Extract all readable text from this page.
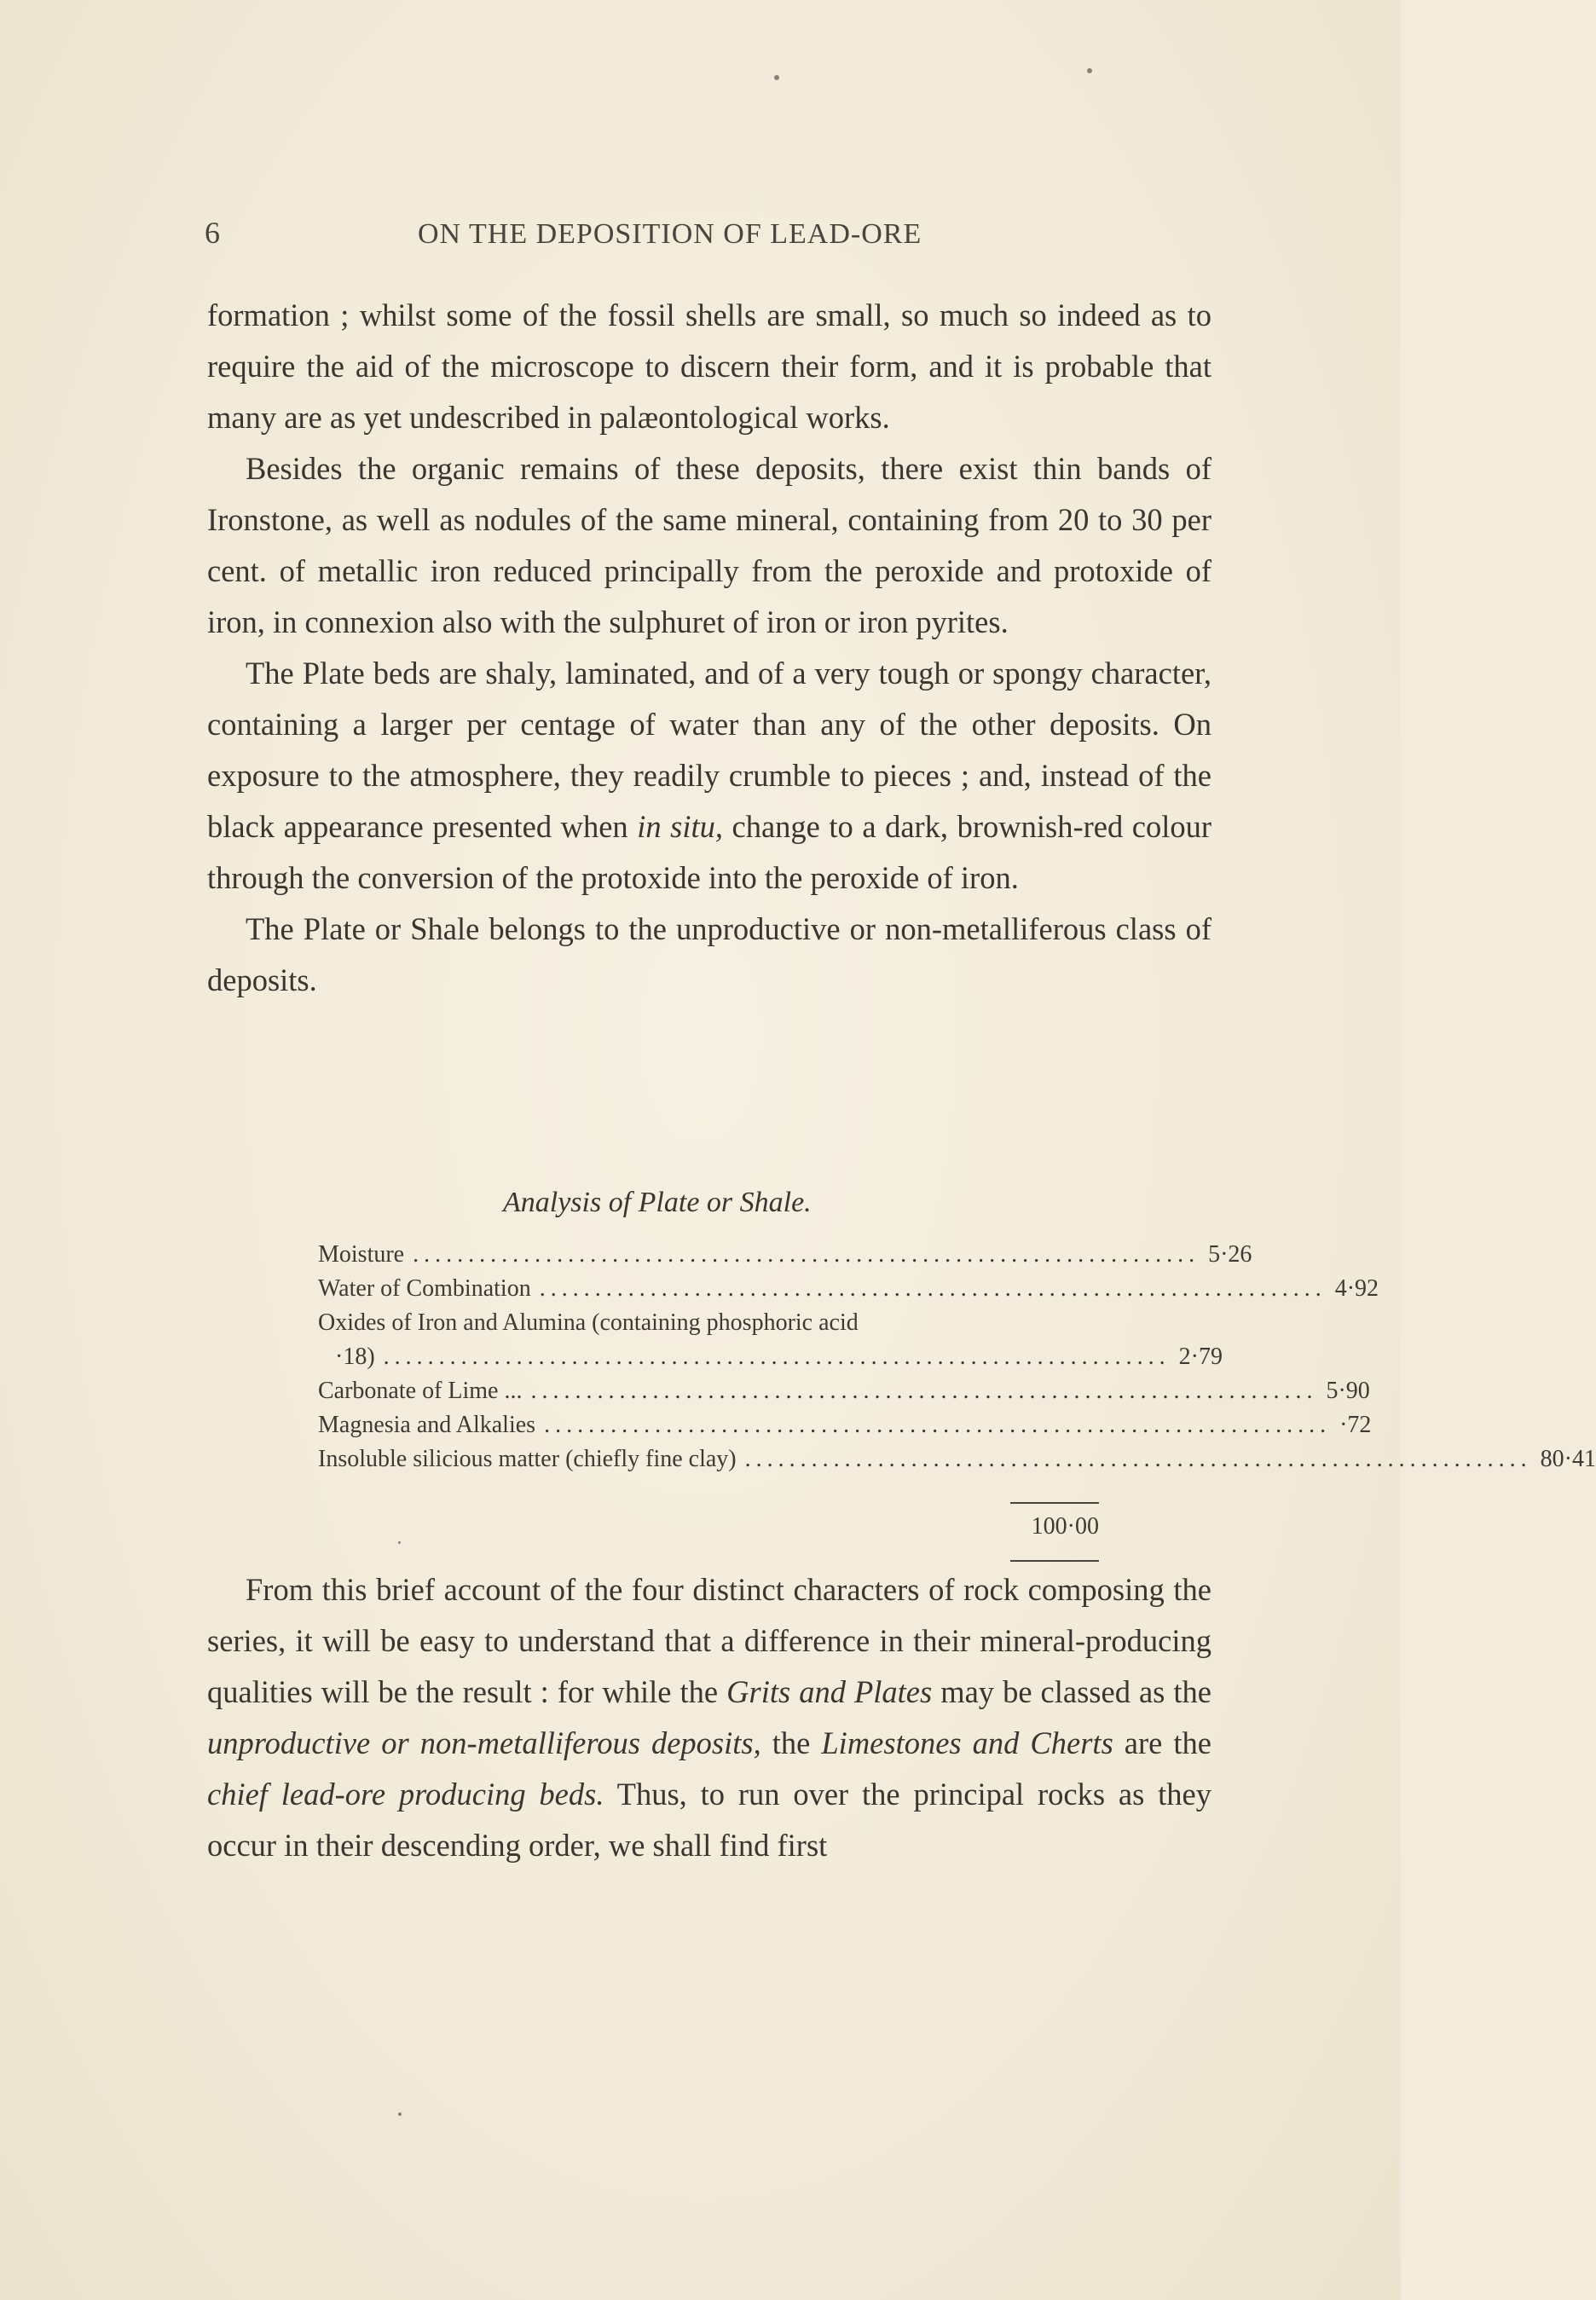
6	ON THE DEPOSITION OF LEAD-ORE

formation ; whilst some of the fossil shells are small, so much so indeed as to require the aid of the microscope to discern their form, and it is probable that many are as yet undescribed in palæontological works.

Besides the organic remains of these deposits, there exist thin bands of Ironstone, as well as nodules of the same mineral, containing from 20 to 30 per cent. of metallic iron reduced principally from the peroxide and protoxide of iron, in connexion also with the sulphuret of iron or iron pyrites.

The Plate beds are shaly, laminated, and of a very tough or spongy character, containing a larger per centage of water than any of the other deposits. On exposure to the atmosphere, they readily crumble to pieces ; and, instead of the black appearance presented when in situ, change to a dark, brownish-red colour through the conversion of the protoxide into the peroxide of iron.

The Plate or Shale belongs to the unproductive or non-metalliferous class of deposits.

Analysis of Plate or Shale.
Moisture ....................................................................... 5·26
Water of Combination ....................................................................... 4·92
Oxides of Iron and Alumina (containing phosphoric acid
·18) ....................................................................... 2·79
Carbonate of Lime ... ....................................................................... 5·90
Magnesia and Alkalies ....................................................................... ·72
Insoluble silicious matter (chiefly fine clay) ....................................................................... 80·41
100·00

From this brief account of the four distinct characters of rock composing the series, it will be easy to understand that a difference in their mineral-producing qualities will be the result : for while the Grits and Plates may be classed as the unproductive or non-metalliferous deposits, the Limestones and Cherts are the chief lead-ore producing beds. Thus, to run over the principal rocks as they occur in their descending order, we shall find first
